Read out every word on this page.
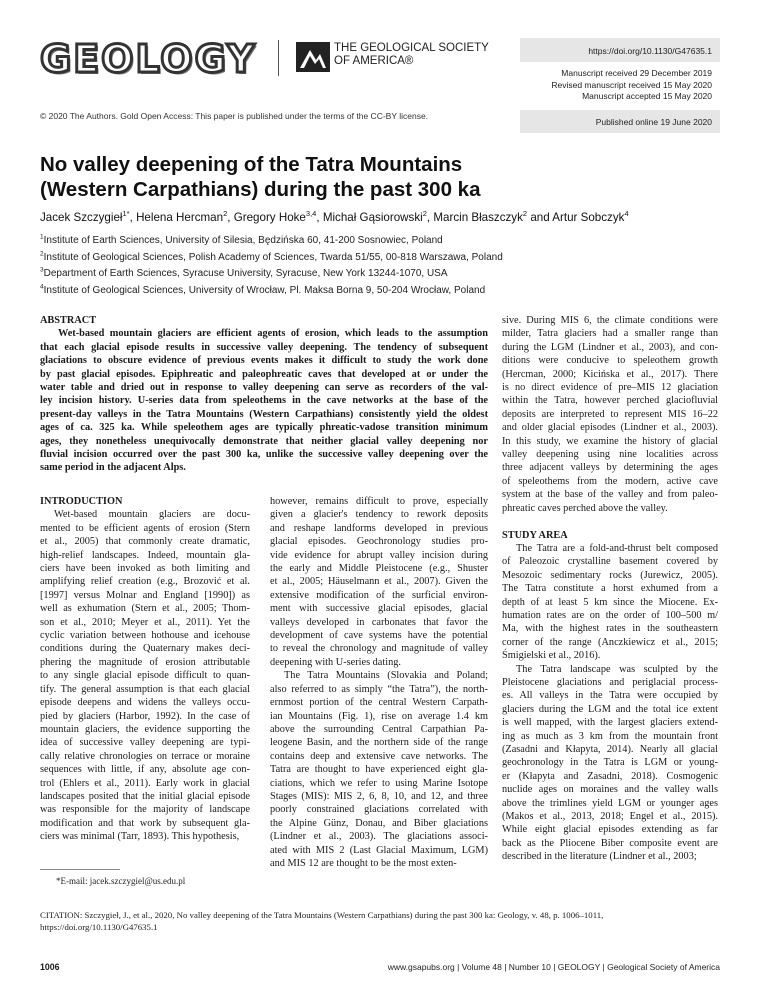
GEOLOGY	THE GEOLOGICAL SOCIETY
OF AMERICA®
© 2020 The Authors. Gold Open Access: This paper is published under the terms of the CC-BY license.
https://doi.org/10.1130/G47635.1
Manuscript received 29 December 2019
Revised manuscript received 15 May 2020
Manuscript accepted 15 May 2020
Published online 19 June 2020
No valley deepening of the Tatra Mountains
(Western Carpathians) during the past 300 ka
Jacek Szczygieł$^{1*}$, Helena Hercman$^2$, Gregory Hoke$^{3,4}$, Michał Gąsiorowski$^2$, Marcin Błaszczyk$^2$ and Artur Sobczyk$^4$
$^1$Institute of Earth Sciences, University of Silesia, Będzińska 60, 41-200 Sosnowiec, Poland
$^2$Institute of Geological Sciences, Polish Academy of Sciences, Twarda 51/55, 00-818 Warszawa, Poland
$^3$Department of Earth Sciences, Syracuse University, Syracuse, New York 13244-1070, USA
$^4$Institute of Geological Sciences, University of Wrocław, Pl. Maksa Borna 9, 50-204 Wrocław, Poland
ABSTRACT
Wet-based mountain glaciers are efficient agents of erosion, which leads to the assumption
that each glacial episode results in successive valley deepening. The tendency of subsequent
glaciations to obscure evidence of previous events makes it difficult to study the work done
by past glacial episodes. Epiphreatic and paleophreatic caves that developed at or under the
water table and dried out in response to valley deepening can serve as recorders of the val-
ley incision history. U-series data from speleothems in the cave networks at the base of the
present-day valleys in the Tatra Mountains (Western Carpathians) consistently yield the oldest
ages of ca. 325 ka. While speleothem ages are typically phreatic-vadose transition minimum
ages, they nonetheless unequivocally demonstrate that neither glacial valley deepening nor
fluvial incision occurred over the past 300 ka, unlike the successive valley deepening over the
same period in the adjacent Alps.
INTRODUCTION
Wet-based mountain glaciers are docu-
mented to be efficient agents of erosion (Stern
et al., 2005) that commonly create dramatic,
high-relief landscapes. Indeed, mountain gla-
ciers have been invoked as both limiting and
amplifying relief creation (e.g., Brozović et al.
[1997] versus Molnar and England [1990]) as
well as exhumation (Stern et al., 2005; Thom-
son et al., 2010; Meyer et al., 2011). Yet the
cyclic variation between hothouse and icehouse
conditions during the Quaternary makes deci-
phering the magnitude of erosion attributable
to any single glacial episode difficult to quan-
tify. The general assumption is that each glacial
episode deepens and widens the valleys occu-
pied by glaciers (Harbor, 1992). In the case of
mountain glaciers, the evidence supporting the
idea of successive valley deepening are typi-
cally relative chronologies on terrace or moraine
sequences with little, if any, absolute age con-
trol (Ehlers et al., 2011). Early work in glacial
landscapes posited that the initial glacial episode
was responsible for the majority of landscape
modification and that work by subsequent gla-
ciers was minimal (Tarr, 1893). This hypothesis,
however, remains difficult to prove, especially
given a glacier's tendency to rework deposits
and reshape landforms developed in previous
glacial episodes. Geochronology studies pro-
vide evidence for abrupt valley incision during
the early and Middle Pleistocene (e.g., Shuster
et al., 2005; Häuselmann et al., 2007). Given the
extensive modification of the surficial environ-
ment with successive glacial episodes, glacial
valleys developed in carbonates that favor the
development of cave systems have the potential
to reveal the chronology and magnitude of valley
deepening with U-series dating.
The Tatra Mountains (Slovakia and Poland;
also referred to as simply “the Tatra”), the north-
ernmost portion of the central Western Carpath-
ian Mountains (Fig. 1), rise on average 1.4 km
above the surrounding Central Carpathian Pa-
leogene Basin, and the northern side of the range
contains deep and extensive cave networks. The
Tatra are thought to have experienced eight gla-
ciations, which we refer to using Marine Isotope
Stages (MIS): MIS 2, 6, 8, 10, and 12, and three
poorly constrained glaciations correlated with
the Alpine Günz, Donau, and Biber glaciations
(Lindner et al., 2003). The glaciations associ-
ated with MIS 2 (Last Glacial Maximum, LGM)
and MIS 12 are thought to be the most exten-
sive. During MIS 6, the climate conditions were
milder, Tatra glaciers had a smaller range than
during the LGM (Lindner et al., 2003), and con-
ditions were conducive to speleothem growth
(Hercman, 2000; Kicińska et al., 2017). There
is no direct evidence of pre–MIS 12 glaciation
within the Tatra, however perched glaciofluvial
deposits are interpreted to represent MIS 16–22
and older glacial episodes (Lindner et al., 2003).
In this study, we examine the history of glacial
valley deepening using nine localities across
three adjacent valleys by determining the ages
of speleothems from the modern, active cave
system at the base of the valley and from paleo-
phreatic caves perched above the valley.
STUDY AREA
The Tatra are a fold-and-thrust belt composed
of Paleozoic crystalline basement covered by
Mesozoic sedimentary rocks (Jurewicz, 2005).
The Tatra constitute a horst exhumed from a
depth of at least 5 km since the Miocene. Ex-
humation rates are on the order of 100–500 m/
Ma, with the highest rates in the southeastern
corner of the range (Anczkiewicz et al., 2015;
Śmigielski et al., 2016).
The Tatra landscape was sculpted by the
Pleistocene glaciations and periglacial process-
es. All valleys in the Tatra were occupied by
glaciers during the LGM and the total ice extent
is well mapped, with the largest glaciers extend-
ing as much as 3 km from the mountain front
(Zasadni and Kłapyta, 2014). Nearly all glacial
geochronology in the Tatra is LGM or young-
er (Kłapyta and Zasadni, 2018). Cosmogenic
nuclide ages on moraines and the valley walls
above the trimlines yield LGM or younger ages
(Makos et al., 2013, 2018; Engel et al., 2015).
While eight glacial episodes extending as far
back as the Pliocene Biber composite event are
described in the literature (Lindner et al., 2003;
*E-mail: jacek.szczygiel@us.edu.pl
CITATION: Szczygieł, J., et al., 2020, No valley deepening of the Tatra Mountains (Western Carpathians) during the past 300 ka: Geology, v. 48, p. 1006–1011, https://doi.org/10.1130/G47635.1
1006	www.gsapubs.org | Volume 48 | Number 10 | GEOLOGY | Geological Society of America
